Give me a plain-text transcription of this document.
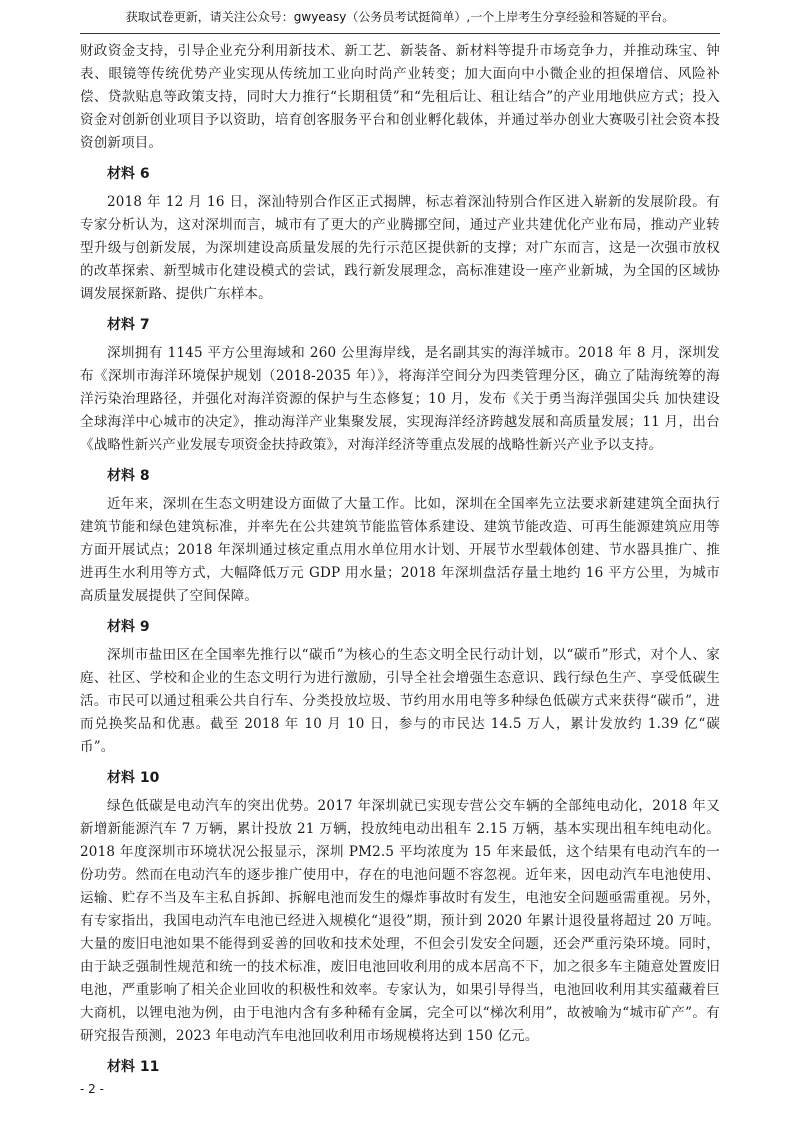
获取试卷更新，请关注公众号：gwyeasy（公务员考试挺简单）,一个上岸考生分享经验和答疑的平台。

财政资金支持，引导企业充分利用新技术、新工艺、新装备、新材料等提升市场竞争力，并推动珠宝、钟表、眼镜等传统优势产业实现从传统加工业向时尚产业转变；加大面向中小微企业的担保增信、风险补偿、贷款贴息等政策支持，同时大力推行“长期租赁”和“先租后让、租让结合”的产业用地供应方式；投入资金对创新创业项目予以资助，培育创客服务平台和创业孵化载体，并通过举办创业大赛吸引社会资本投资创新项目。

材料 6

2018 年 12 月 16 日，深汕特别合作区正式揭牌，标志着深汕特别合作区进入崭新的发展阶段。有专家分析认为，这对深圳而言，城市有了更大的产业腾挪空间，通过产业共建优化产业布局，推动产业转型升级与创新发展，为深圳建设高质量发展的先行示范区提供新的支撑；对广东而言，这是一次强市放权的改革探索、新型城市化建设模式的尝试，践行新发展理念，高标准建设一座产业新城，为全国的区域协调发展探新路、提供广东样本。

材料 7

深圳拥有 1145 平方公里海域和 260 公里海岸线，是名副其实的海洋城市。2018 年 8 月，深圳发布《深圳市海洋环境保护规划（2018-2035 年）》，将海洋空间分为四类管理分区，确立了陆海统筹的海洋污染治理路径，并强化对海洋资源的保护与生态修复；10 月，发布《关于勇当海洋强国尖兵 加快建设全球海洋中心城市的决定》，推动海洋产业集聚发展，实现海洋经济跨越发展和高质量发展；11 月，出台《战略性新兴产业发展专项资金扶持政策》，对海洋经济等重点发展的战略性新兴产业予以支持。

材料 8

近年来，深圳在生态文明建设方面做了大量工作。比如，深圳在全国率先立法要求新建建筑全面执行建筑节能和绿色建筑标准，并率先在公共建筑节能监管体系建设、建筑节能改造、可再生能源建筑应用等方面开展试点；2018 年深圳通过核定重点用水单位用水计划、开展节水型载体创建、节水器具推广、推进再生水利用等方式，大幅降低万元 GDP 用水量；2018 年深圳盘活存量土地约 16 平方公里，为城市高质量发展提供了空间保障。

材料 9

深圳市盐田区在全国率先推行以“碳币”为核心的生态文明全民行动计划，以“碳币”形式，对个人、家庭、社区、学校和企业的生态文明行为进行激励，引导全社会增强生态意识、践行绿色生产、享受低碳生活。市民可以通过租乘公共自行车、分类投放垃圾、节约用水用电等多种绿色低碳方式来获得“碳币”，进而兑换奖品和优惠。截至 2018 年 10 月 10 日，参与的市民达 14.5 万人，累计发放约 1.39 亿“碳币”。

材料 10

绿色低碳是电动汽车的突出优势。2017 年深圳就已实现专营公交车辆的全部纯电动化，2018 年又新增新能源汽车 7 万辆，累计投放 21 万辆，投放纯电动出租车 2.15 万辆，基本实现出租车纯电动化。2018 年度深圳市环境状况公报显示，深圳 PM2.5 平均浓度为 15 年来最低，这个结果有电动汽车的一份功劳。然而在电动汽车的逐步推广使用中，存在的电池问题不容忽视。近年来，因电动汽车电池使用、运输、贮存不当及车主私自拆卸、拆解电池而发生的爆炸事故时有发生，电池安全问题亟需重视。另外，有专家指出，我国电动汽车电池已经进入规模化“退役”期，预计到 2020 年累计退役量将超过 20 万吨。大量的废旧电池如果不能得到妥善的回收和技术处理，不但会引发安全问题，还会严重污染环境。同时，由于缺乏强制性规范和统一的技术标准，废旧电池回收利用的成本居高不下，加之很多车主随意处置废旧电池，严重影响了相关企业回收的积极性和效率。专家认为，如果引导得当，电池回收利用其实蕴藏着巨大商机，以锂电池为例，由于电池内含有多种稀有金属，完全可以“梯次利用”，故被喻为“城市矿产”。有研究报告预测，2023 年电动汽车电池回收利用市场规模将达到 150 亿元。

材料 11
- 2 -
